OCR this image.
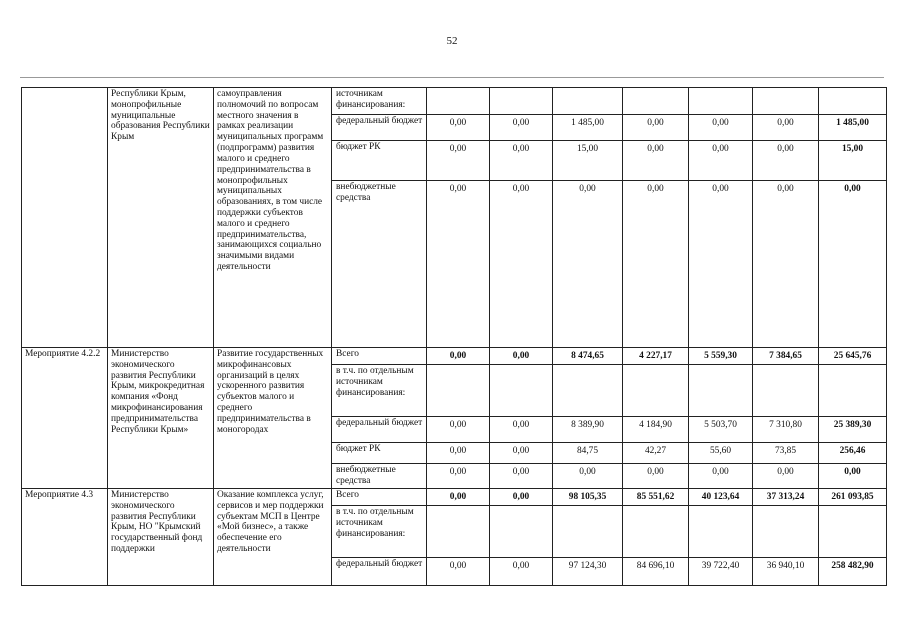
52
	Республики Крым, монопрофильные муниципальные образования Республики Крым	самоуправления полномочий по вопросам местного значения в рамках реализации муниципальных программ (подпрограмм) развития малого и среднего предпринимательства в монопрофильных муниципальных образованиях, в том числе поддержки субъектов малого и среднего предпринимательства, занимающихся социально значимыми видами деятельности	источникам финансирования:							
			федеральный бюджет	0,00	0,00	1 485,00	0,00	0,00	0,00	1 485,00
			бюджет РК	0,00	0,00	15,00	0,00	0,00	0,00	15,00
			внебюджетные средства	0,00	0,00	0,00	0,00	0,00	0,00	0,00
Мероприятие 4.2.2	Министерство экономического развития Республики Крым, микрокредитная компания «Фонд микрофинансирования предпринимательства Республики Крым»	Развитие государственных микрофинансовых организаций в целях ускоренного развития субъектов малого и среднего предпринимательства в моногородах	Всего	0,00	0,00	8 474,65	4 227,17	5 559,30	7 384,65	25 645,76
			в т.ч. по отдельным источникам финансирования:							
			федеральный бюджет	0,00	0,00	8 389,90	4 184,90	5 503,70	7 310,80	25 389,30
			бюджет РК	0,00	0,00	84,75	42,27	55,60	73,85	256,46
			внебюджетные средства	0,00	0,00	0,00	0,00	0,00	0,00	0,00
Мероприятие 4.3	Министерство экономического развития Республики Крым, НО "Крымский государственный фонд поддержки	Оказание комплекса услуг, сервисов и мер поддержки субъектам МСП в Центре «Мой бизнес», а также обеспечение его деятельности	Всего	0,00	0,00	98 105,35	85 551,62	40 123,64	37 313,24	261 093,85
			в т.ч. по отдельным источникам финансирования:							
			федеральный бюджет	0,00	0,00	97 124,30	84 696,10	39 722,40	36 940,10	258 482,90
